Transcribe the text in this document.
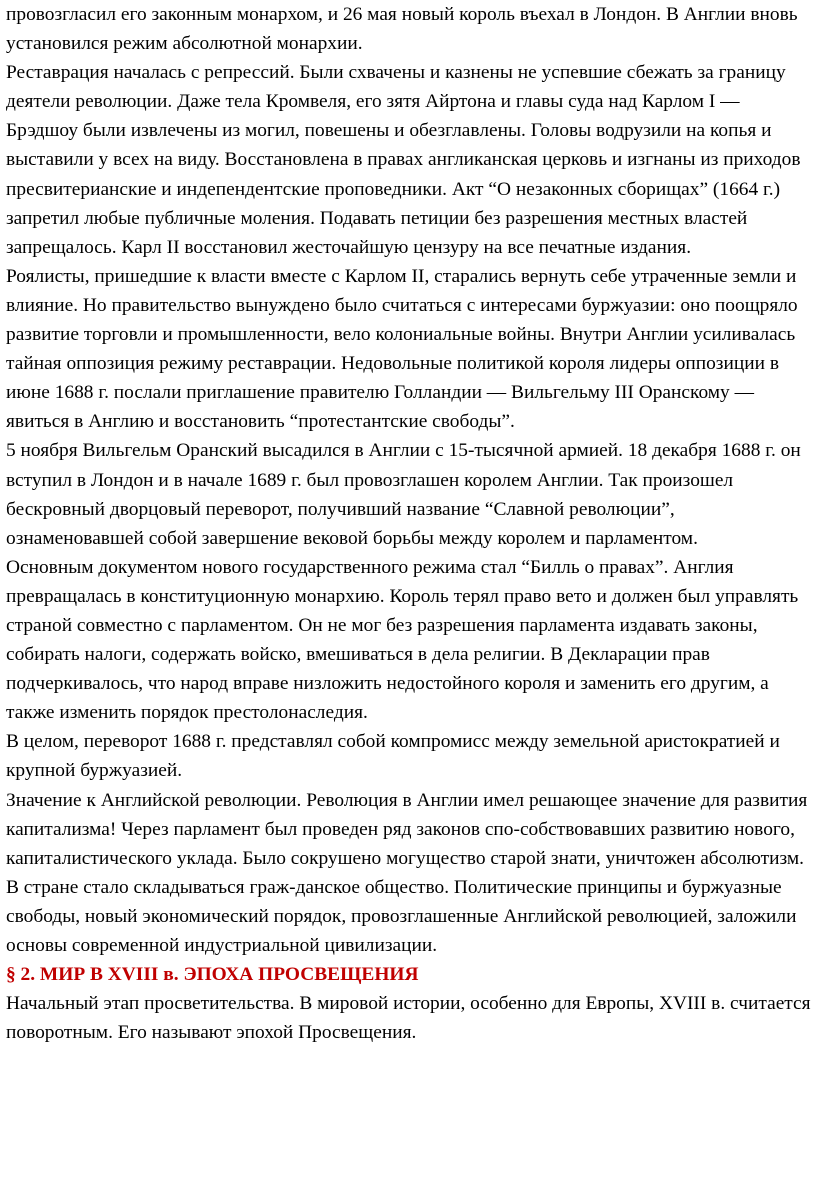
провозгласил его законным монархом, и 26 мая новый король въехал в Лондон. В Англии вновь установился режим абсолютной монархии.

Реставрация началась с репрессий. Были схвачены и казнены не успевшие сбежать за границу деятели революции. Даже тела Кромвеля, его зятя Айртона и главы суда над Карлом I — Брэдшоу были извлечены из могил, повешены и обезглавлены. Головы водрузили на копья и выставили у всех на виду. Восстановлена в правах англиканская церковь и изгнаны из приходов пресвитерианские и индепендентские проповедники. Акт “О незаконных сборищах” (1664 г.) запретил любые публичные моления. Подавать петиции без разрешения местных властей запрещалось. Карл II восстановил жесточайшую цензуру на все печатные издания.

Роялисты, пришедшие к власти вместе с Карлом II, старались вернуть себе утраченные земли и влияние. Но правительство вынуждено было считаться с интересами буржуазии: оно поощряло развитие торговли и промышленности, вело колониальные войны. Внутри Англии усиливалась тайная оппозиция режиму реставрации. Недовольные политикой короля лидеры оппозиции в июне 1688 г. послали приглашение правителю Голландии — Вильгельму III Оранскому — явиться в Англию и восстановить “протестантские свободы”.

5 ноября Вильгельм Оранский высадился в Англии с 15-тысячной армией. 18 декабря 1688 г. он вступил в Лондон и в начале 1689 г. был провозглашен королем Англии. Так произошел бескровный дворцовый переворот, получивший название “Славной революции”, ознаменовавшей собой завершение вековой борьбы между королем и парламентом.

Основным документом нового государственного режима стал “Билль о правах”. Англия превращалась в конституционную монархию. Король терял право вето и должен был управлять страной совместно с парламентом. Он не мог без разрешения парламента издавать законы, собирать налоги, содержать войско, вмешиваться в дела религии. В Декларации прав подчеркивалось, что народ вправе низложить недостойного короля и заменить его другим, а также изменить порядок престолонаследия.

В целом, переворот 1688 г. представлял собой компромисс между земельной аристократией и крупной буржуазией.

Значение к Английской революции. Революция в Англии имел решающее значение для развития капитализма! Через парламент был проведен ряд законов спо-собствовавших развитию нового, капиталистического уклада. Было сокрушено могущество старой знати, уничтожен абсолютизм. В стране стало складываться граж-данское общество. Политические принципы и буржуазные свободы, новый экономический порядок, провозглашенные Английской революцией, заложили основы современной индустриальной цивилизации.

§ 2. МИР В XVIII в. ЭПОХА ПРОСВЕЩЕНИЯ

Начальный этап просветительства. В мировой истории, особенно для Европы, XVIII в. считается поворотным. Его называют эпохой Просвещения.
